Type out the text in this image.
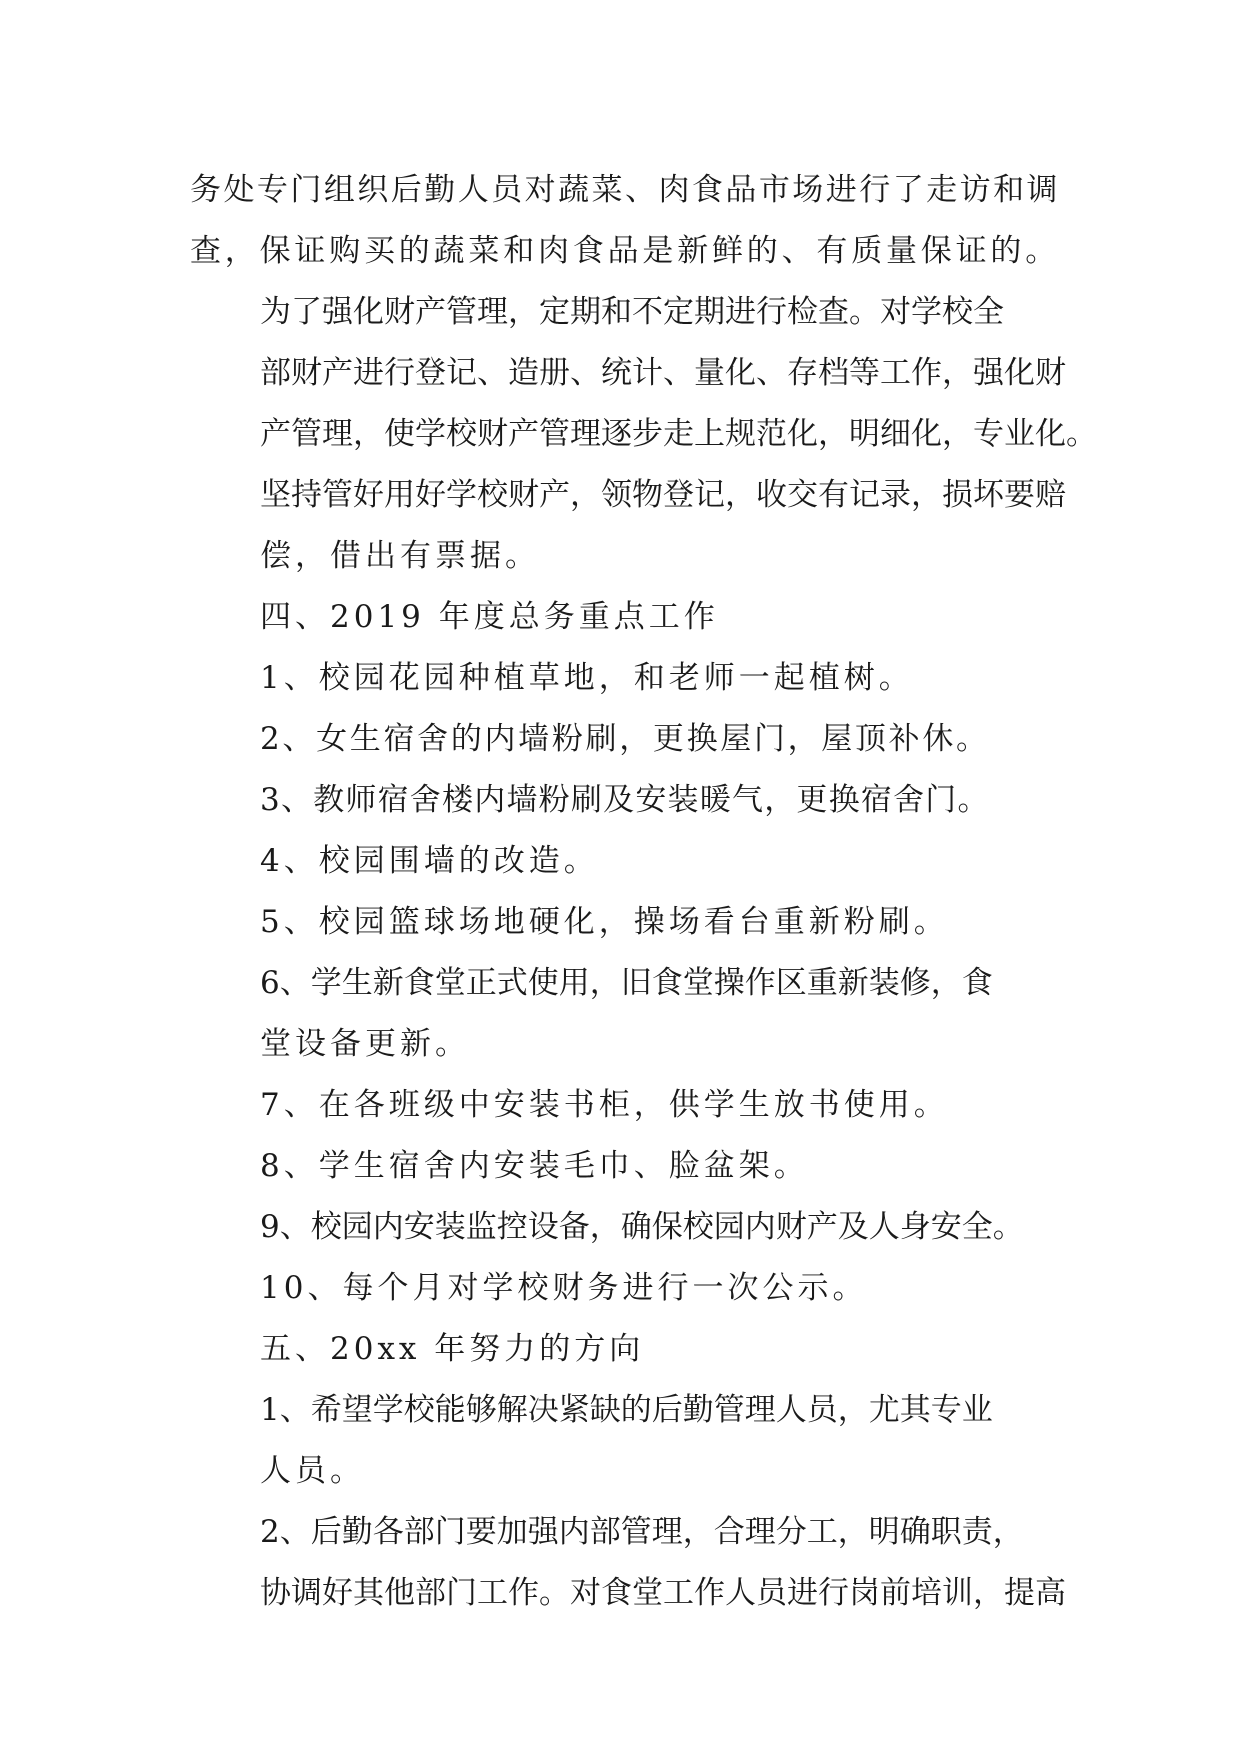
务处专门组织后勤人员对蔬菜、肉食品市场进行了走访和调
查，保证购买的蔬菜和肉食品是新鲜的、有质量保证的。
为了强化财产管理，定期和不定期进行检查。对学校全
部财产进行登记、造册、统计、量化、存档等工作，强化财
产管理，使学校财产管理逐步走上规范化，明细化，专业化。
坚持管好用好学校财产，领物登记，收交有记录，损坏要赔
偿，借出有票据。
四、2019 年度总务重点工作
1、校园花园种植草地，和老师一起植树。
2、女生宿舍的内墙粉刷，更换屋门，屋顶补休。
3、教师宿舍楼内墙粉刷及安装暖气，更换宿舍门。
4、校园围墙的改造。
5、校园篮球场地硬化，操场看台重新粉刷。
6、学生新食堂正式使用，旧食堂操作区重新装修，食
堂设备更新。
7、在各班级中安装书柜，供学生放书使用。
8、学生宿舍内安装毛巾、脸盆架。
9、校园内安装监控设备，确保校园内财产及人身安全。
10、每个月对学校财务进行一次公示。
五、20xx 年努力的方向
1、希望学校能够解决紧缺的后勤管理人员，尤其专业
人员。
2、后勤各部门要加强内部管理，合理分工，明确职责，
协调好其他部门工作。对食堂工作人员进行岗前培训，提高
